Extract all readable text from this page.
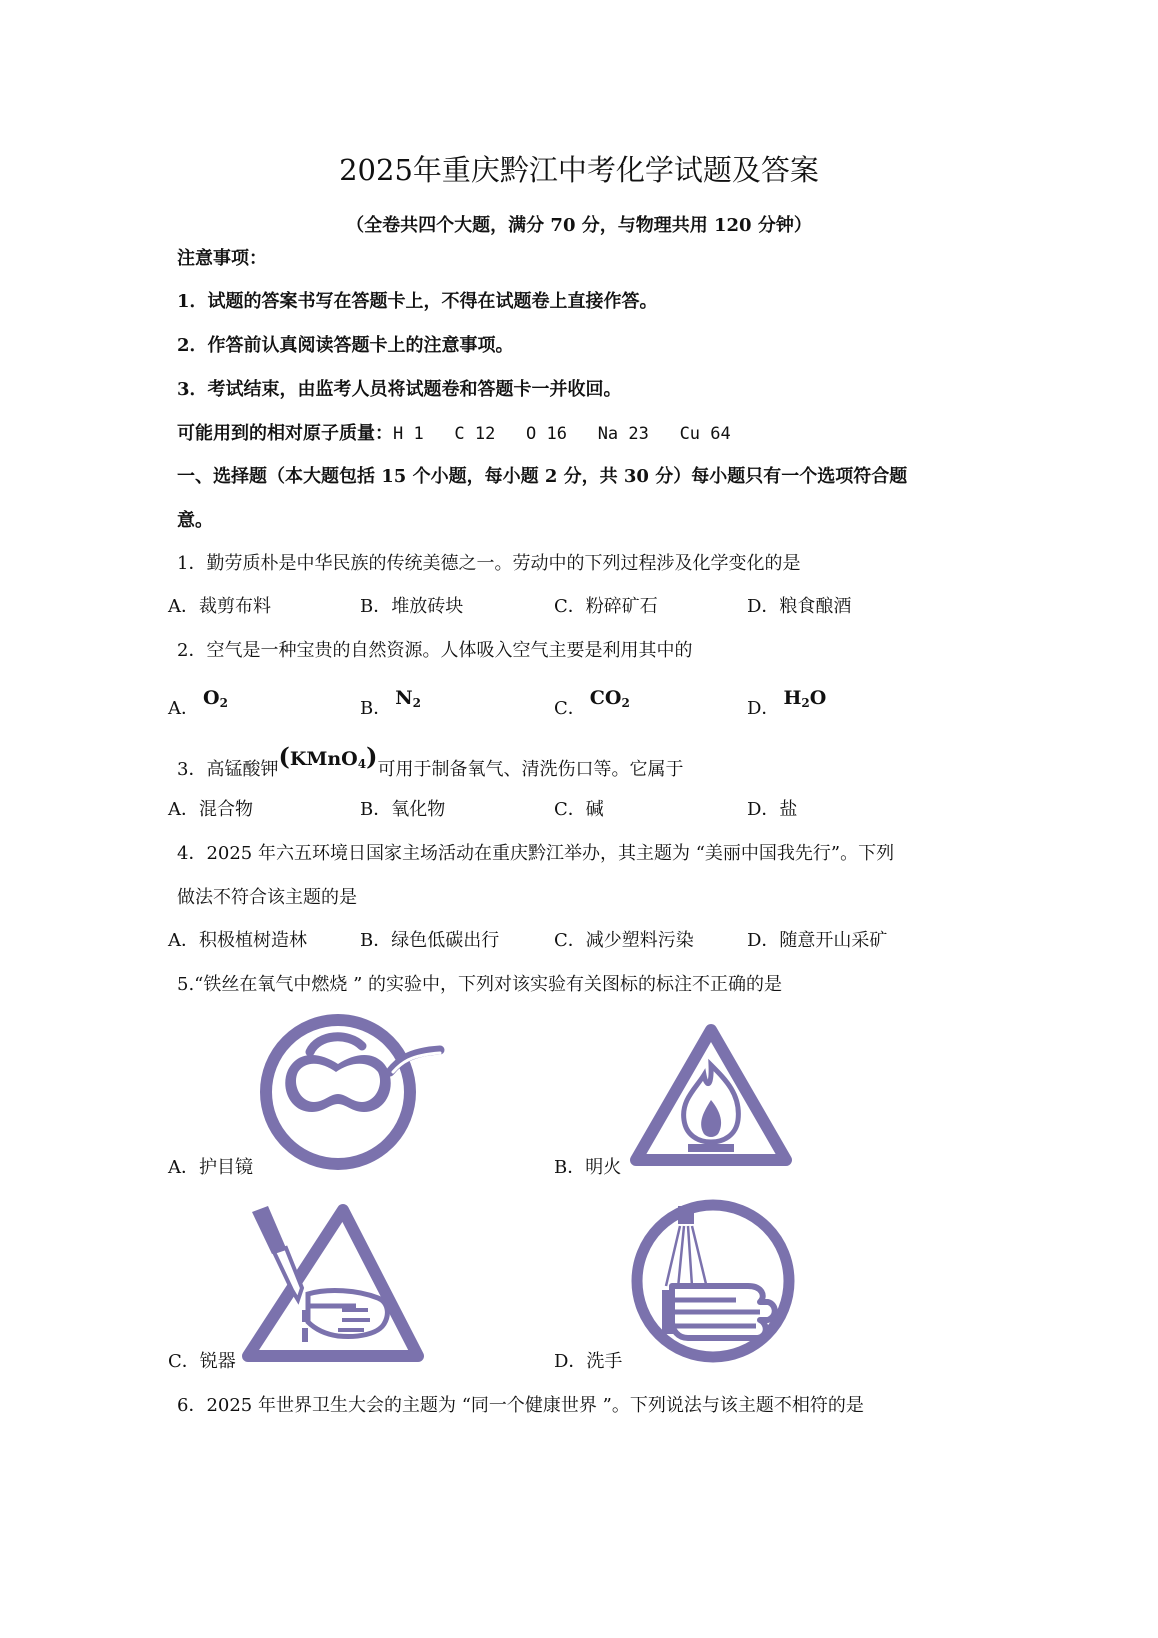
2025年重庆黔江中考化学试题及答案
（全卷共四个大题，满分 70 分，与物理共用 120 分钟）
注意事项：
1．试题的答案书写在答题卡上，不得在试题卷上直接作答。
2．作答前认真阅读答题卡上的注意事项。
3．考试结束，由监考人员将试题卷和答题卡一并收回。
可能用到的相对原子质量：H 1   C 12   O 16   Na 23   Cu 64
一、选择题（本大题包括 15 个小题，每小题 2 分，共 30 分）每小题只有一个选项符合题
意。
1．勤劳质朴是中华民族的传统美德之一。劳动中的下列过程涉及化学变化的是
A．裁剪布料	B．堆放砖块	C．粉碎矿石	D．粮食酿酒
2．空气是一种宝贵的自然资源。人体吸入空气主要是利用其中的
A． $O_2$	B． $N_2$	C． $CO_2$	D． $H_2O$
3．高锰酸钾(KMnO$_4$)可用于制备氧气、清洗伤口等。它属于
A．混合物	B．氧化物	C．碱	D．盐
4．2025 年六五环境日国家主场活动在重庆黔江举办，其主题为 “美丽中国我先行”。下列
做法不符合该主题的是
A．积极植树造林	B．绿色低碳出行	C．减少塑料污染	D．随意开山采矿
5.“铁丝在氧气中燃烧 ” 的实验中，下列对该实验有关图标的标注不正确的是
A．护目镜	B．明火
C．锐器	D．洗手
6．2025 年世界卫生大会的主题为 “同一个健康世界 ”。下列说法与该主题不相符的是
